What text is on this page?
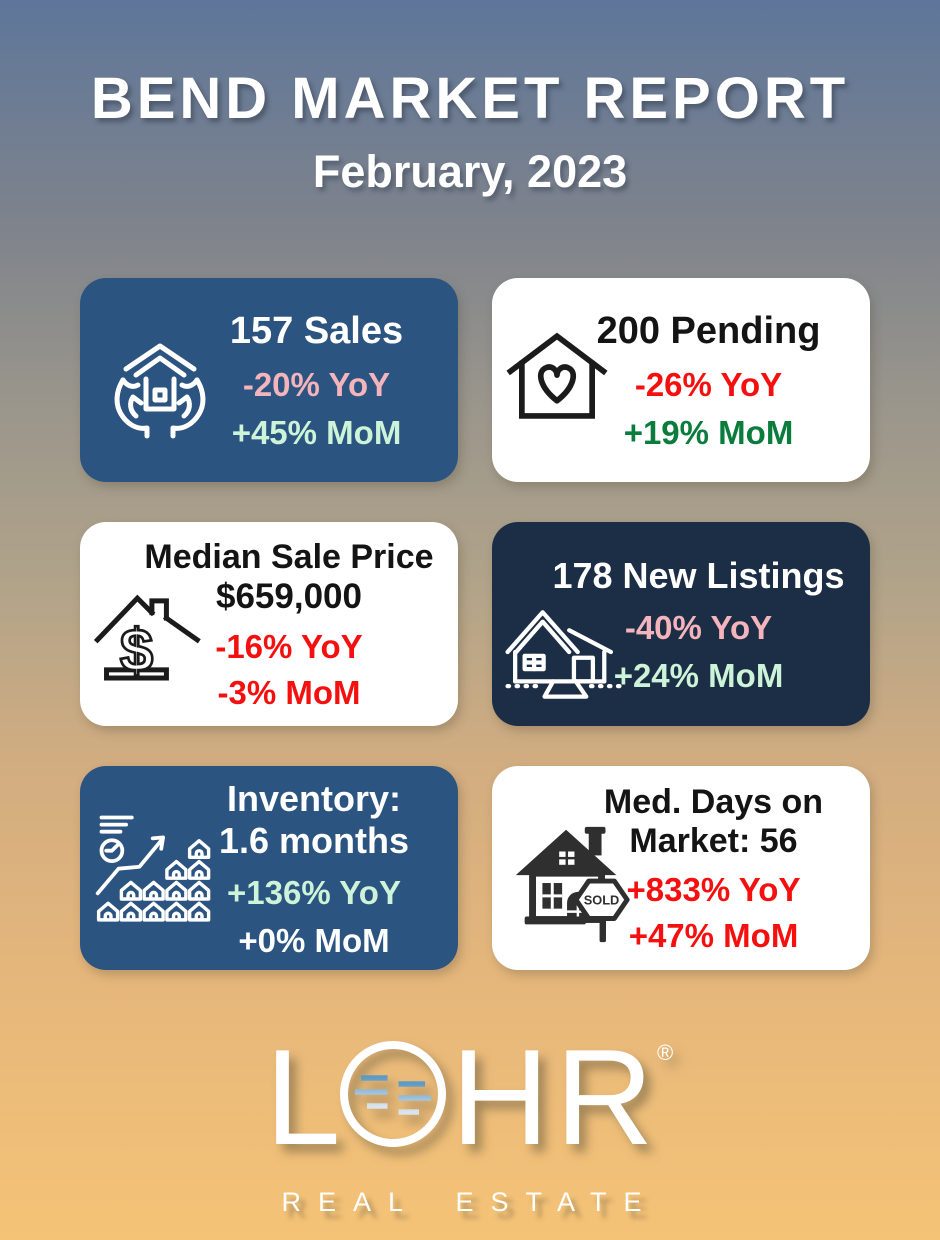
BEND MARKET REPORT
February, 2023
157 Sales
-20% YoY
+45% MoM
200 Pending
-26% YoY
+19% MoM
$
Median Sale Price
$659,000
-16% YoY
-3% MoM
178 New Listings
-40% YoY
+24% MoM
Inventory:
1.6 months
+136% YoY
+0% MoM
SOLD
Med. Days on
Market: 56
+833% YoY
+47% MoM
L HR
®
REAL ESTATE
